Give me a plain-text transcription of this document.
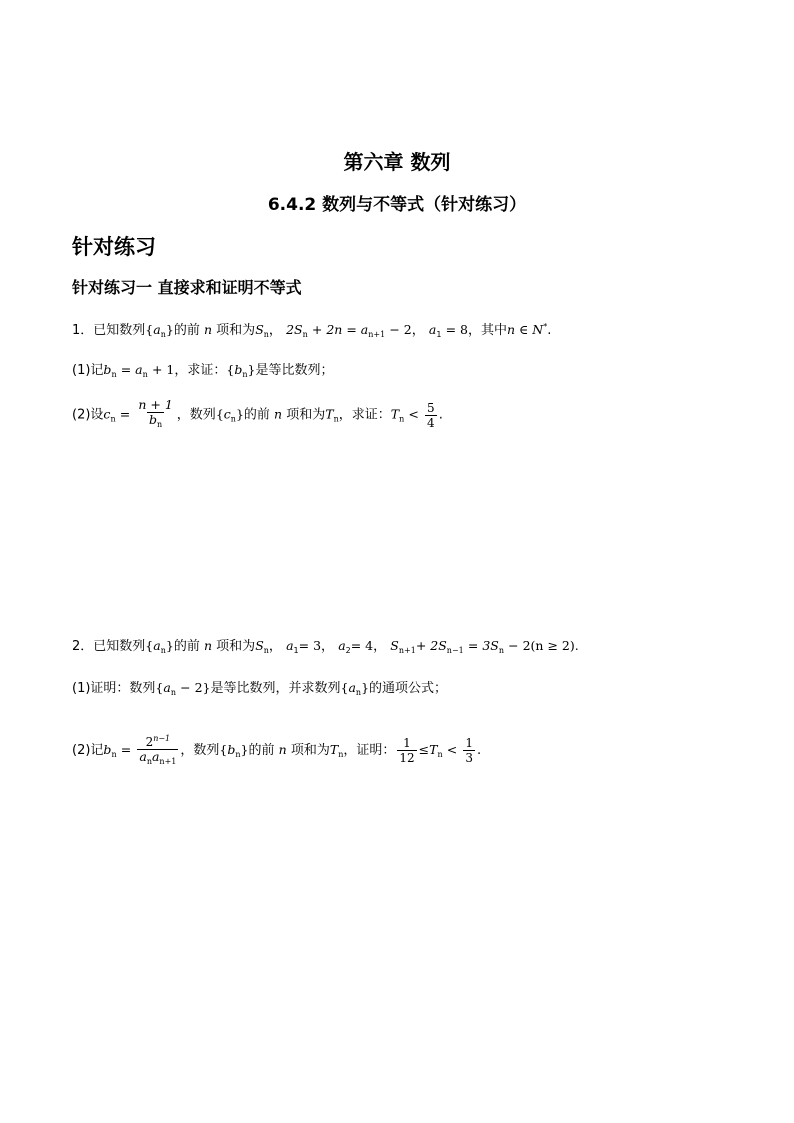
第六章 数列
6.4.2 数列与不等式（针对练习）
针对练习
针对练习一 直接求和证明不等式
1．已知数列$\{a_n\}$的前 n 项和为$S_n$， $2S_n + 2n = a_{n+1} - 2$， $a_1 = 8$，其中n ∈ N*.
(1)记$b_n = a_n + 1$，求证：$\{b_n\}$是等比数列；
(2)设$c_n = \frac{n + 1}{b_n}$ ，数列$\{c_n\}$的前 n 项和为$T_n$，求证：$T_n < \frac{5}{4}$ .
2．已知数列$\{a_n\}$的前 n 项和为$S_n$， $a_1= 3$， $a_2= 4$， $S_{n+1}+ 2S_{n-1} = 3S_n - 2(n \ge 2)$.
(1)证明：数列$\{a_n - 2\}$是等比数列，并求数列$\{a_n\}$的通项公式；
(2)记$b_n = \frac{2^{n-1}}{a_na_{n+1}}$ ，数列$\{b_n\}$的前 n 项和为$T_n$，证明： $\frac{1}{12} \le T_n < \frac{1}{3}$ .
